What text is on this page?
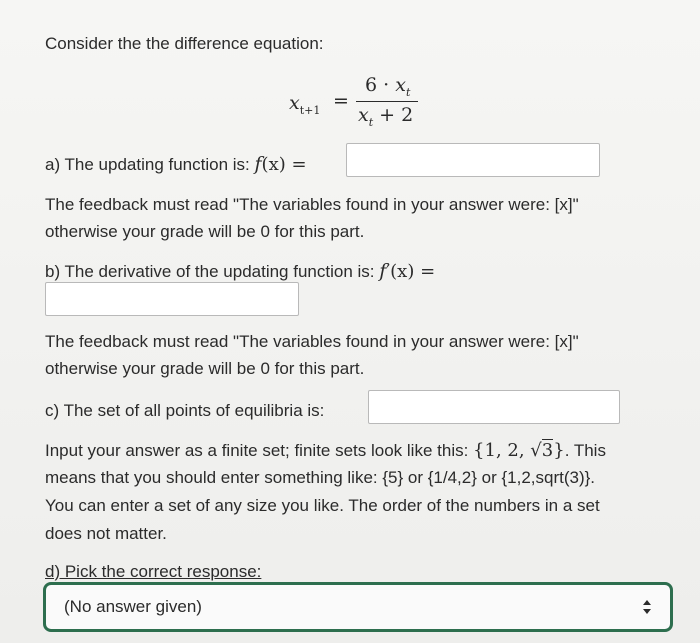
Consider the the difference equation:
$x_{t+1}$ =
$6 \cdot x_t$
$x_t + 2$
a) The updating function is: f(x) =
The feedback must read "The variables found in your answer were: [x]"
otherwise your grade will be 0 for this part.
b) The derivative of the updating function is: f′(x) =
The feedback must read "The variables found in your answer were: [x]"
otherwise your grade will be 0 for this part.
c) The set of all points of equilibria is:
Input your answer as a finite set; finite sets look like this: {1, 2, √3}. This
means that you should enter something like: {5} or {1/4,2} or {1,2,sqrt(3)}.
You can enter a set of any size you like. The order of the numbers in a set
does not matter.
d) Pick the correct response:
(No answer given)
